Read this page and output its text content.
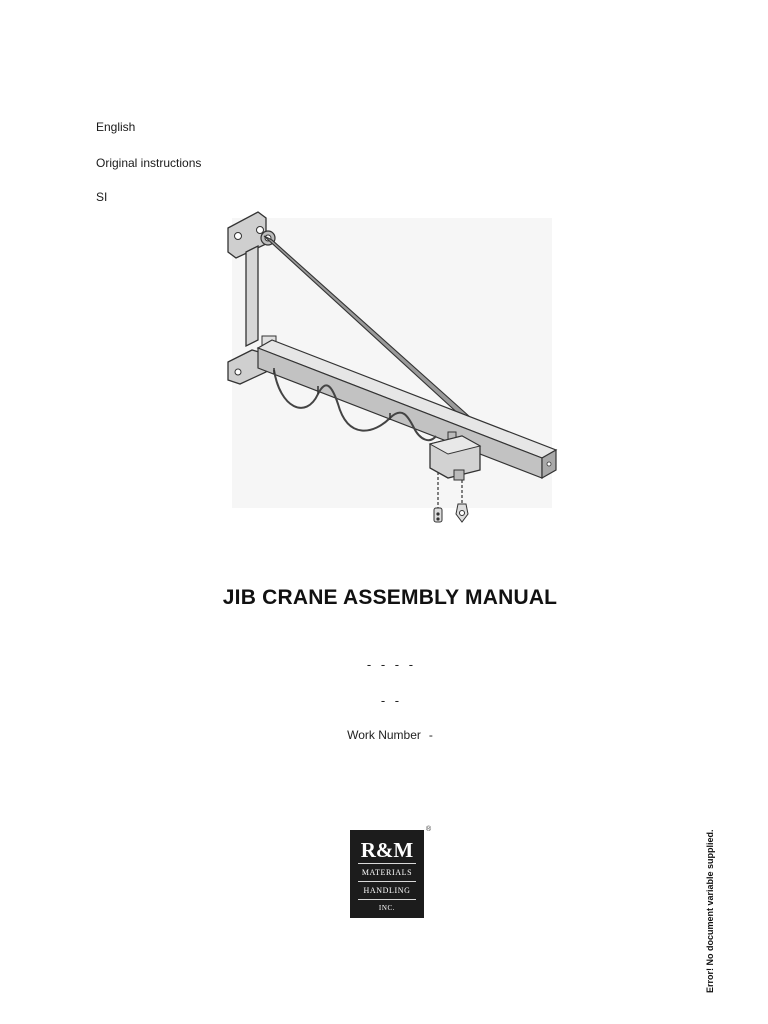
English
Original instructions
SI
JIB CRANE ASSEMBLY MANUAL
- - - -
- -
Work Number -
R&M
MATERIALS
HANDLING
INC.
®	Error! No document variable supplied.
